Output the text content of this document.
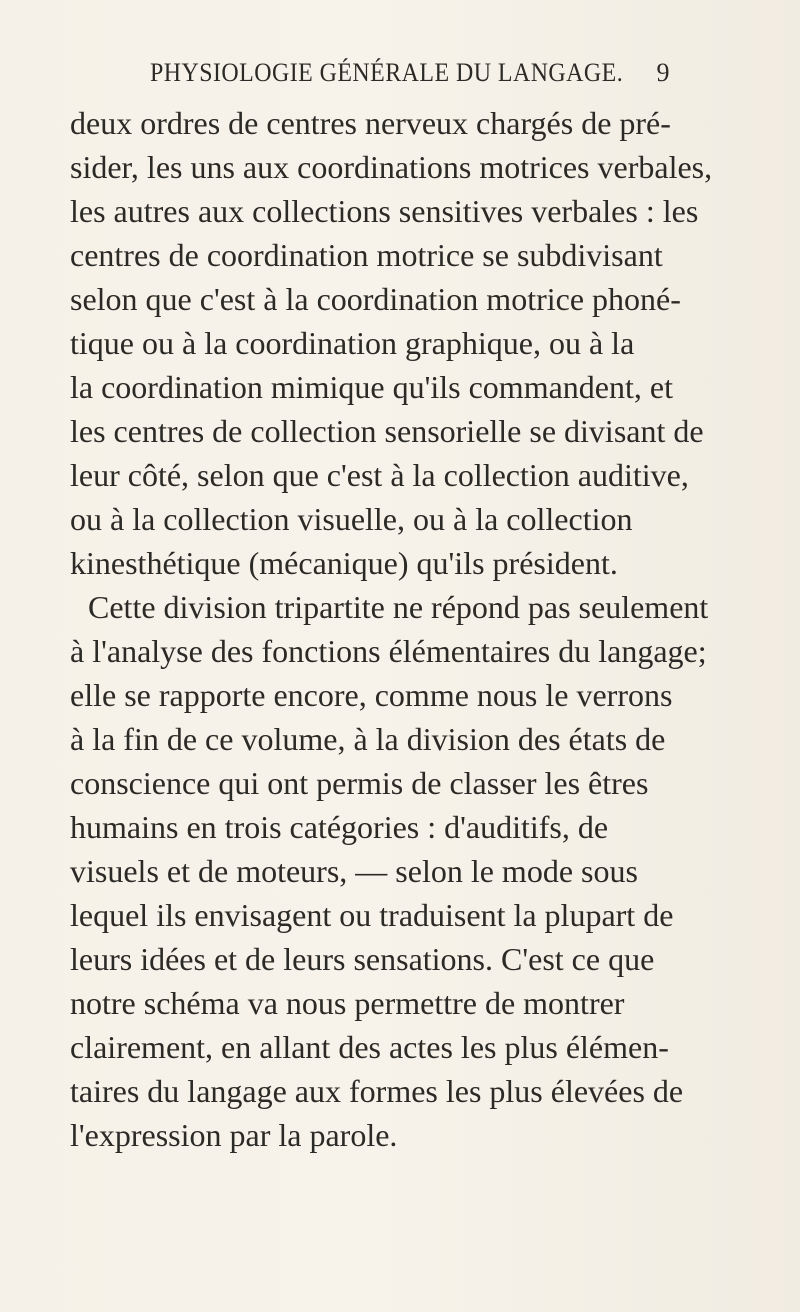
PHYSIOLOGIE GÉNÉRALE DU LANGAGE. 9
deux ordres de centres nerveux chargés de pré-
sider, les uns aux coordinations motrices verbales,
les autres aux collections sensitives verbales : les
centres de coordination motrice se subdivisant
selon que c'est à la coordination motrice phoné-
tique ou à la coordination graphique, ou à la
la coordination mimique qu'ils commandent, et
les centres de collection sensorielle se divisant de
leur côté, selon que c'est à la collection auditive,
ou à la collection visuelle, ou à la collection
kinesthétique (mécanique) qu'ils président.
Cette division tripartite ne répond pas seulement
à l'analyse des fonctions élémentaires du langage;
elle se rapporte encore, comme nous le verrons
à la fin de ce volume, à la division des états de
conscience qui ont permis de classer les êtres
humains en trois catégories : d'auditifs, de
visuels et de moteurs, — selon le mode sous
lequel ils envisagent ou traduisent la plupart de
leurs idées et de leurs sensations. C'est ce que
notre schéma va nous permettre de montrer
clairement, en allant des actes les plus élémen-
taires du langage aux formes les plus élevées de
l'expression par la parole.
